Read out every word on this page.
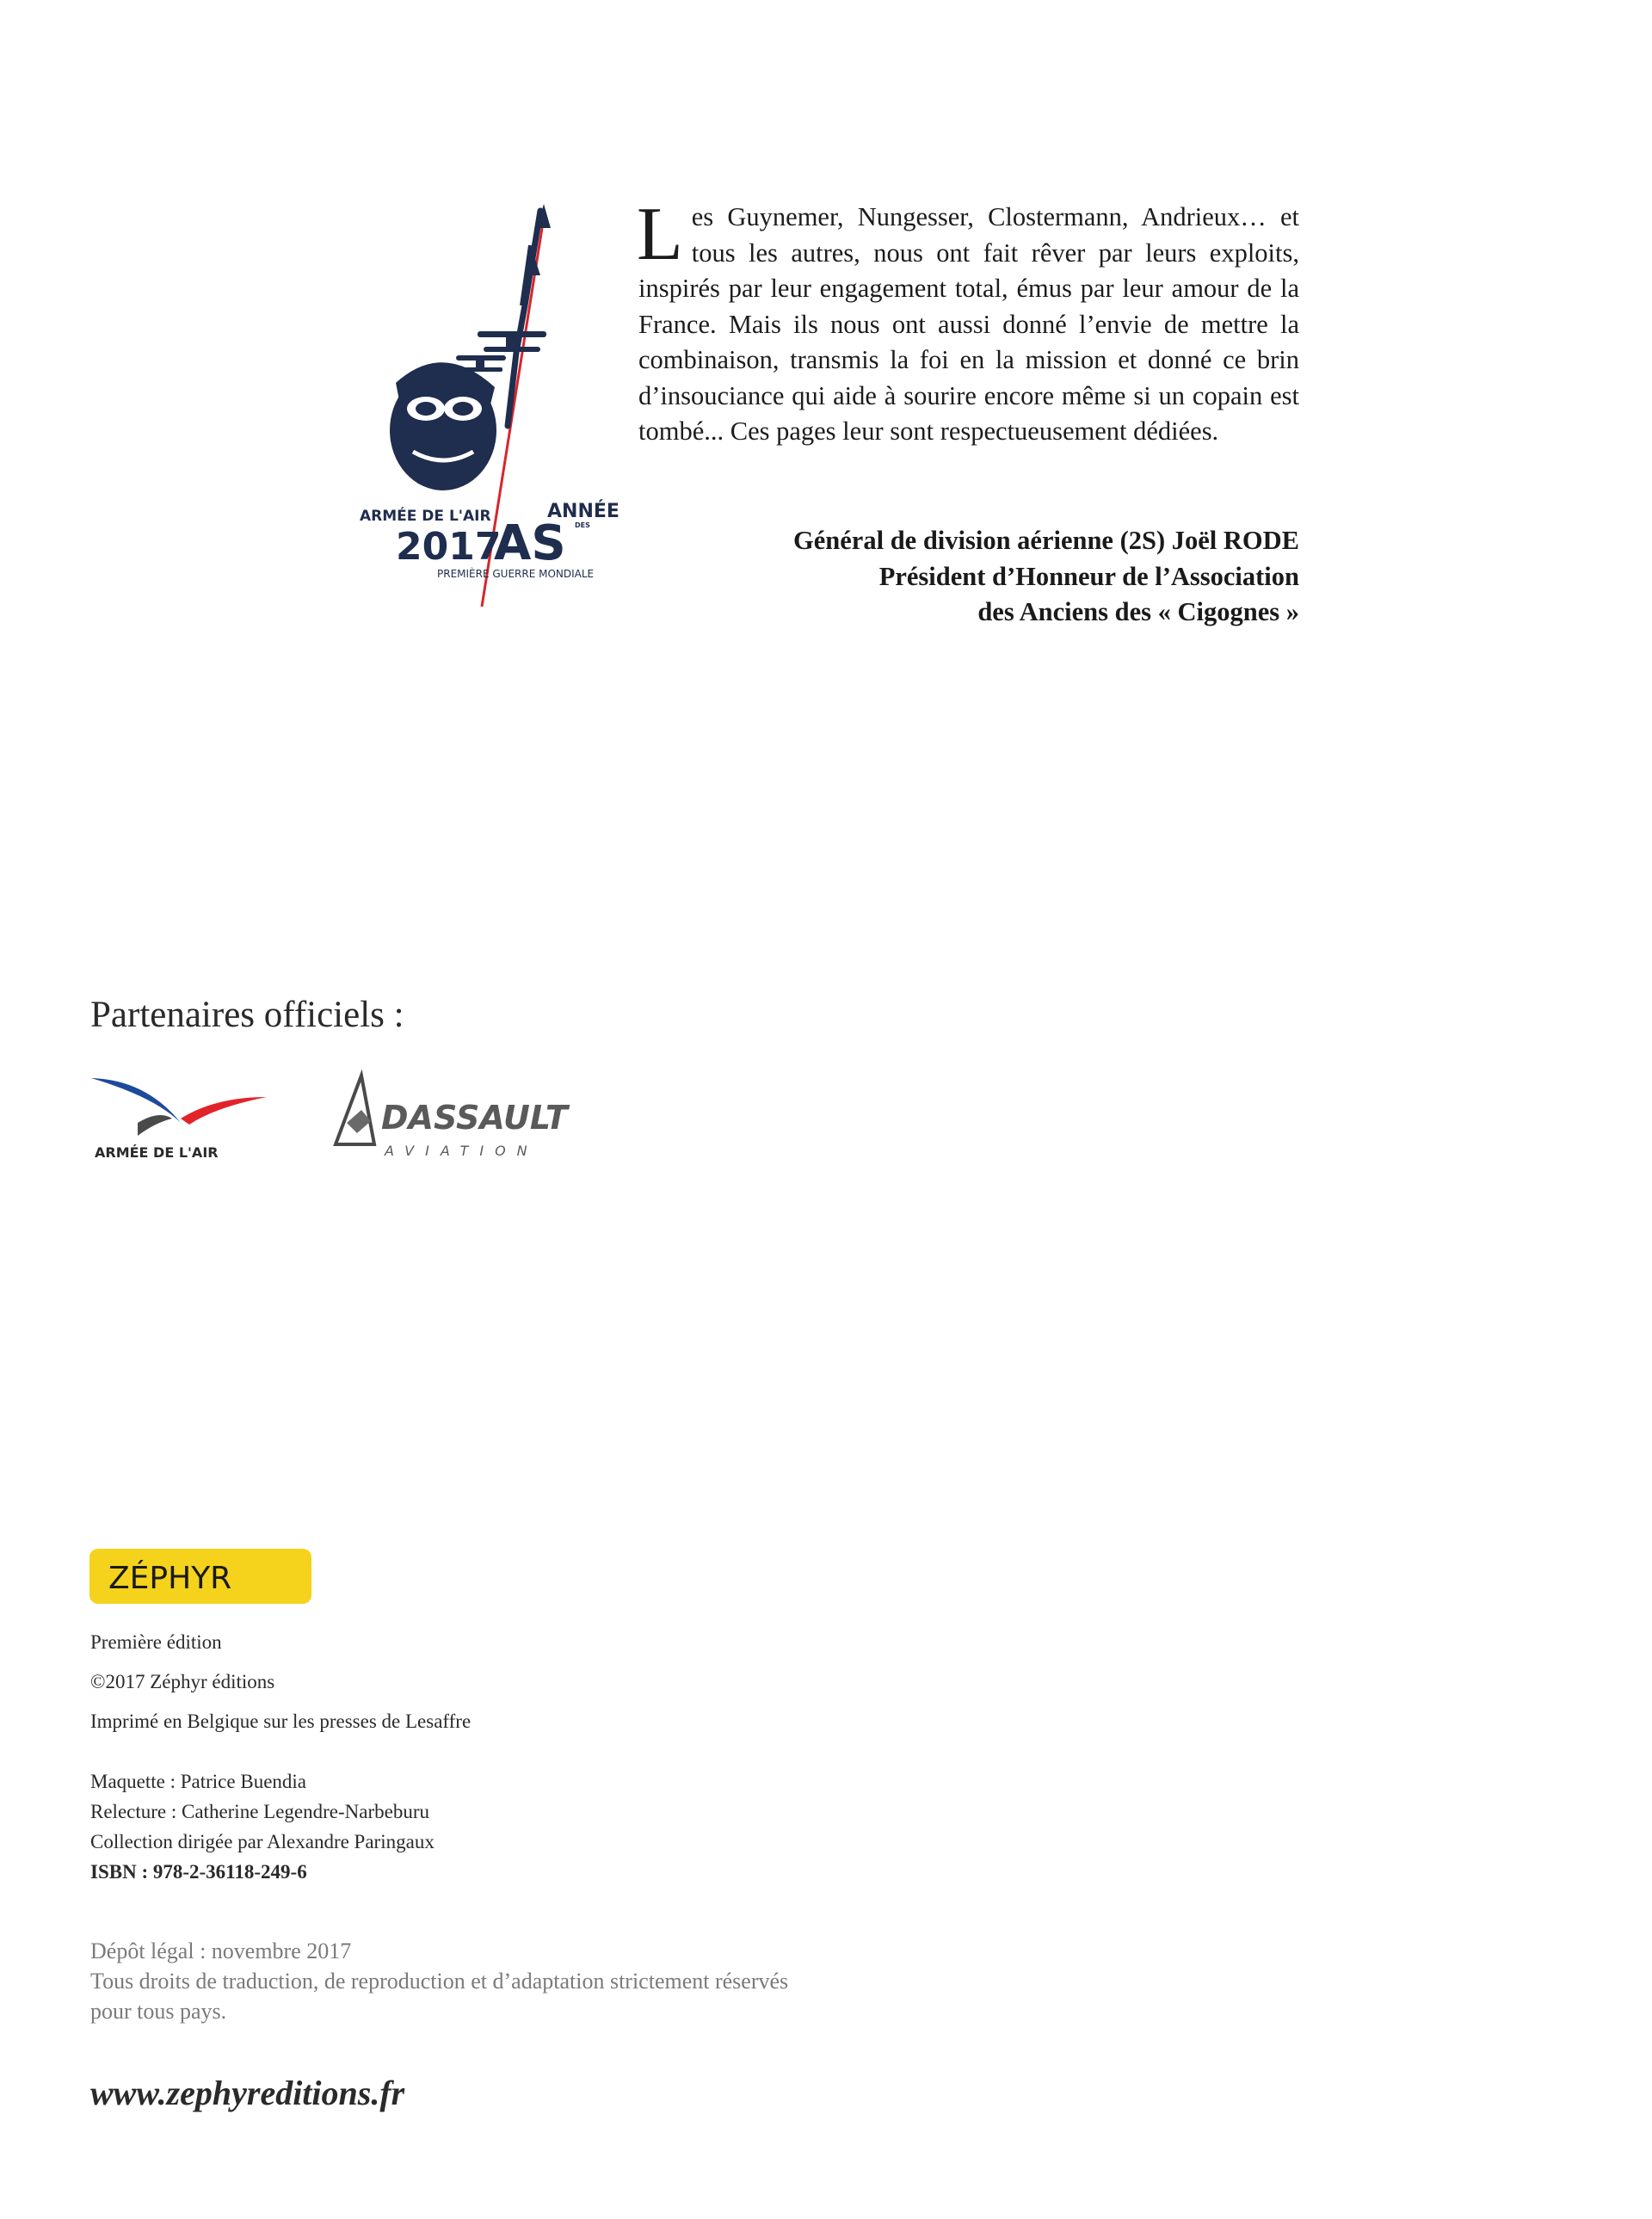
ANNÉE
DES
ARMÉE DE L'AIR
2017
AS
PREMIÈRE GUERRE MONDIALE
Les Guynemer, Nungesser, Clostermann, Andrieux… et tous les autres, nous ont fait rêver par leurs exploits, inspirés par leur engagement total, émus par leur amour de la France. Mais ils nous ont aussi donné l’envie de mettre la combinaison, transmis la foi en la mission et donné ce brin d’insouciance qui aide à sourire encore même si un copain est tombé... Ces pages leur sont respectueusement dédiées.
Général de division aérienne (2S) Joël RODE
Président d’Honneur de l’Association
des Anciens des « Cigognes »
Partenaires officiels :
ARMÉE DE L'AIR
DASSAULT
AVIATION
ZÉPHYR
Première édition
©2017 Zéphyr éditions
Imprimé en Belgique sur les presses de Lesaffre
Maquette : Patrice Buendia
Relecture : Catherine Legendre-Narbeburu
Collection dirigée par Alexandre Paringaux
ISBN : 978-2-36118-249-6
Dépôt légal : novembre 2017
Tous droits de traduction, de reproduction et d’adaptation strictement réservés pour tous pays.
www.zephyreditions.fr
